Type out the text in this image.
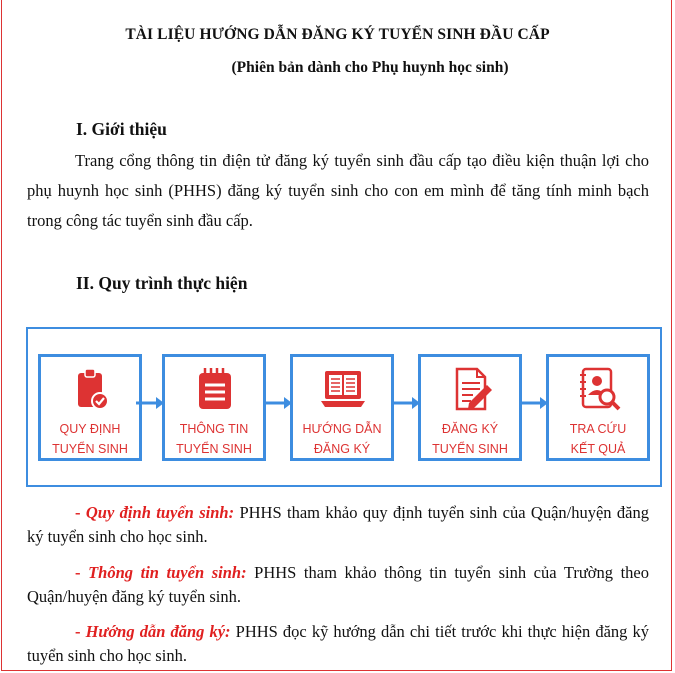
TÀI LIỆU HƯỚNG DẪN ĐĂNG KÝ TUYỂN SINH ĐẦU CẤP
(Phiên bản dành cho Phụ huynh học sinh)
I. Giới thiệu
Trang cổng thông tin điện tử đăng ký tuyển sinh đầu cấp tạo điều kiện thuận lợi cho phụ huynh học sinh (PHHS) đăng ký tuyển sinh cho con em mình để tăng tính minh bạch trong công tác tuyển sinh đầu cấp.
II. Quy trình thực hiện
QUY ĐỊNH
TUYỂN SINH
THÔNG TIN
TUYỂN SINH
HƯỚNG DẪN
ĐĂNG KÝ
ĐĂNG KÝ
TUYỂN SINH
TRA CỨU
KẾT QUẢ
- Quy định tuyển sinh: PHHS tham khảo quy định tuyển sinh của Quận/huyện đăng ký tuyển sinh cho học sinh.
- Thông tin tuyển sinh: PHHS tham khảo thông tin tuyển sinh của Trường theo Quận/huyện đăng ký tuyển sinh.
- Hướng dẫn đăng ký: PHHS đọc kỹ hướng dẫn chi tiết trước khi thực hiện đăng ký tuyển sinh cho học sinh.
